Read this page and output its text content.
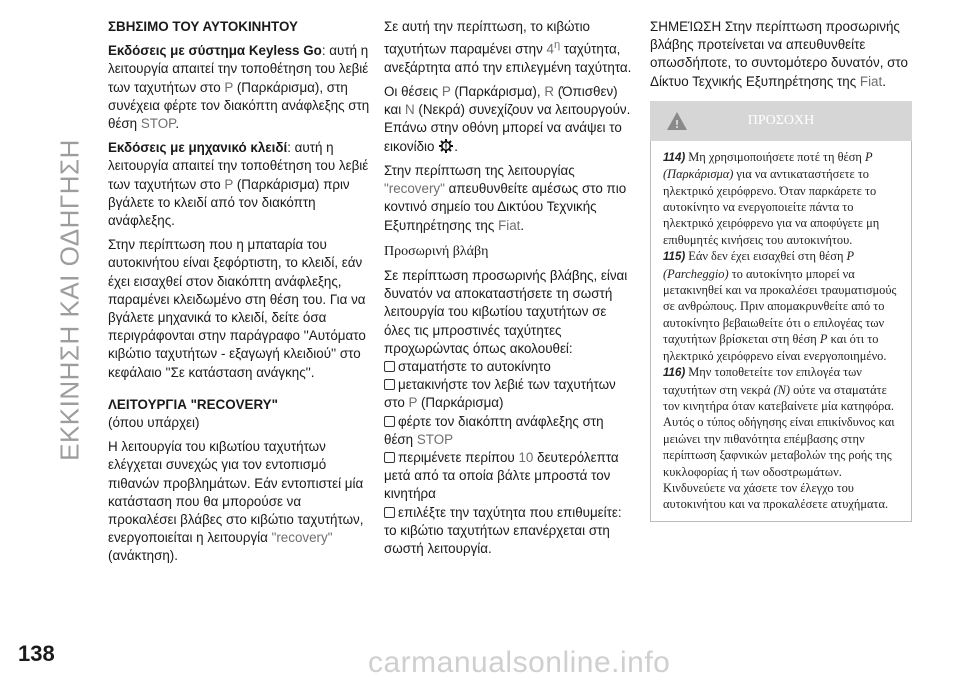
ΕΚΚΙΝΗΣΗ ΚΑΙ ΟΔΗΓΗΣΗ

ΣΒΗΣΙΜΟ ΤΟΥ ΑΥΤΟΚΙΝΗΤΟΥ

Εκδόσεις με σύστημα Keyless Go: αυτή η λειτουργία απαιτεί την τοποθέτηση του λεβιέ των ταχυτήτων στο P (Παρκάρισμα), στη συνέχεια φέρτε τον διακόπτη ανάφλεξης στη θέση STOP.

Εκδόσεις με μηχανικό κλειδί: αυτή η λειτουργία απαιτεί την τοποθέτηση του λεβιέ των ταχυτήτων στο P (Παρκάρισμα) πριν βγάλετε το κλειδί από τον διακόπτη ανάφλεξης.

Στην περίπτωση που η μπαταρία του αυτοκινήτου είναι ξεφόρτιστη, το κλειδί, εάν έχει εισαχθεί στον διακόπτη ανάφλεξης, παραμένει κλειδωμένο στη θέση του. Για να βγάλετε μηχανικά το κλειδί, δείτε όσα περιγράφονται στην παράγραφο ''Αυτόματο κιβώτιο ταχυτήτων - εξαγωγή κλειδιού'' στο κεφάλαιο ''Σε κατάσταση ανάγκης''.

ΛΕΙΤΟΥΡΓΙΑ "RECOVERY"

(όπου υπάρχει)

Η λειτουργία του κιβωτίου ταχυτήτων ελέγχεται συνεχώς για τον εντοπισμό πιθανών προβλημάτων. Εάν εντοπιστεί μία κατάσταση που θα μπορούσε να προκαλέσει βλάβες στο κιβώτιο ταχυτήτων, ενεργοποιείται η λειτουργία "recovery" (ανάκτηση).

Σε αυτή την περίπτωση, το κιβώτιο ταχυτήτων παραμένει στην $4^\eta$ ταχύτητα, ανεξάρτητα από την επιλεγμένη ταχύτητα.

Οι θέσεις P (Παρκάρισμα), R (Όπισθεν) και N (Νεκρά) συνεχίζουν να λειτουργούν. Επάνω στην οθόνη μπορεί να ανάψει το εικονίδιο ! .

Στην περίπτωση της λειτουργίας "recovery" απευθυνθείτε αμέσως στο πιο κοντινό σημείο του Δικτύου Τεχνικής Εξυπηρέτησης της Fiat.

Προσωρινή βλάβη

Σε περίπτωση προσωρινής βλάβης, είναι δυνατόν να αποκαταστήσετε τη σωστή λειτουργία του κιβωτίου ταχυτήτων σε όλες τις μπροστινές ταχύτητες προχωρώντας όπως ακολουθεί:

σταματήστε το αυτοκίνητο
μετακινήστε τον λεβιέ των ταχυτήτων στο P (Παρκάρισμα)
φέρτε τον διακόπτη ανάφλεξης στη θέση STOP
περιμένετε περίπου 10 δευτερόλεπτα μετά από τα οποία βάλτε μπροστά τον κινητήρα
επιλέξτε την ταχύτητα που επιθυμείτε: το κιβώτιο ταχυτήτων επανέρχεται στη σωστή λειτουργία.

ΣΗΜΕΊΩΣΗ Στην περίπτωση προσωρινής βλάβης προτείνεται να απευθυνθείτε οπωσδήποτε, το συντομότερο δυνατόν, στο Δίκτυο Τεχνικής Εξυπηρέτησης της Fiat.

!	ΠΡΟΣΟΧΗ
114) Μη χρησιμοποιήσετε ποτέ τη θέση P (Παρκάρισμα) για να αντικαταστήσετε το ηλεκτρικό χειρόφρενο. Όταν παρκάρετε το αυτοκίνητο να ενεργοποιείτε πάντα το ηλεκτρικό χειρόφρενο για να αποφύγετε μη επιθυμητές κινήσεις του αυτοκινήτου.
115) Εάν δεν έχει εισαχθεί στη θέση P (Parcheggio) το αυτοκίνητο μπορεί να μετακινηθεί και να προκαλέσει τραυματισμούς σε ανθρώπους. Πριν απομακρυνθείτε από το αυτοκίνητο βεβαιωθείτε ότι ο επιλογέας των ταχυτήτων βρίσκεται στη θέση P και ότι το ηλεκτρικό χειρόφρενο είναι ενεργοποιημένο.
116) Μην τοποθετείτε τον επιλογέα των ταχυτήτων στη νεκρά (N) ούτε να σταματάτε τον κινητήρα όταν κατεβαίνετε μία κατηφόρα. Αυτός ο τύπος οδήγησης είναι επικίνδυνος και μειώνει την πιθανότητα επέμβασης στην περίπτωση ξαφνικών μεταβολών της ροής της κυκλοφορίας ή των οδοστρωμάτων. Κινδυνεύετε να χάσετε τον έλεγχο του αυτοκινήτου και να προκαλέσετε ατυχήματα.
138	carmanualsonline.info
